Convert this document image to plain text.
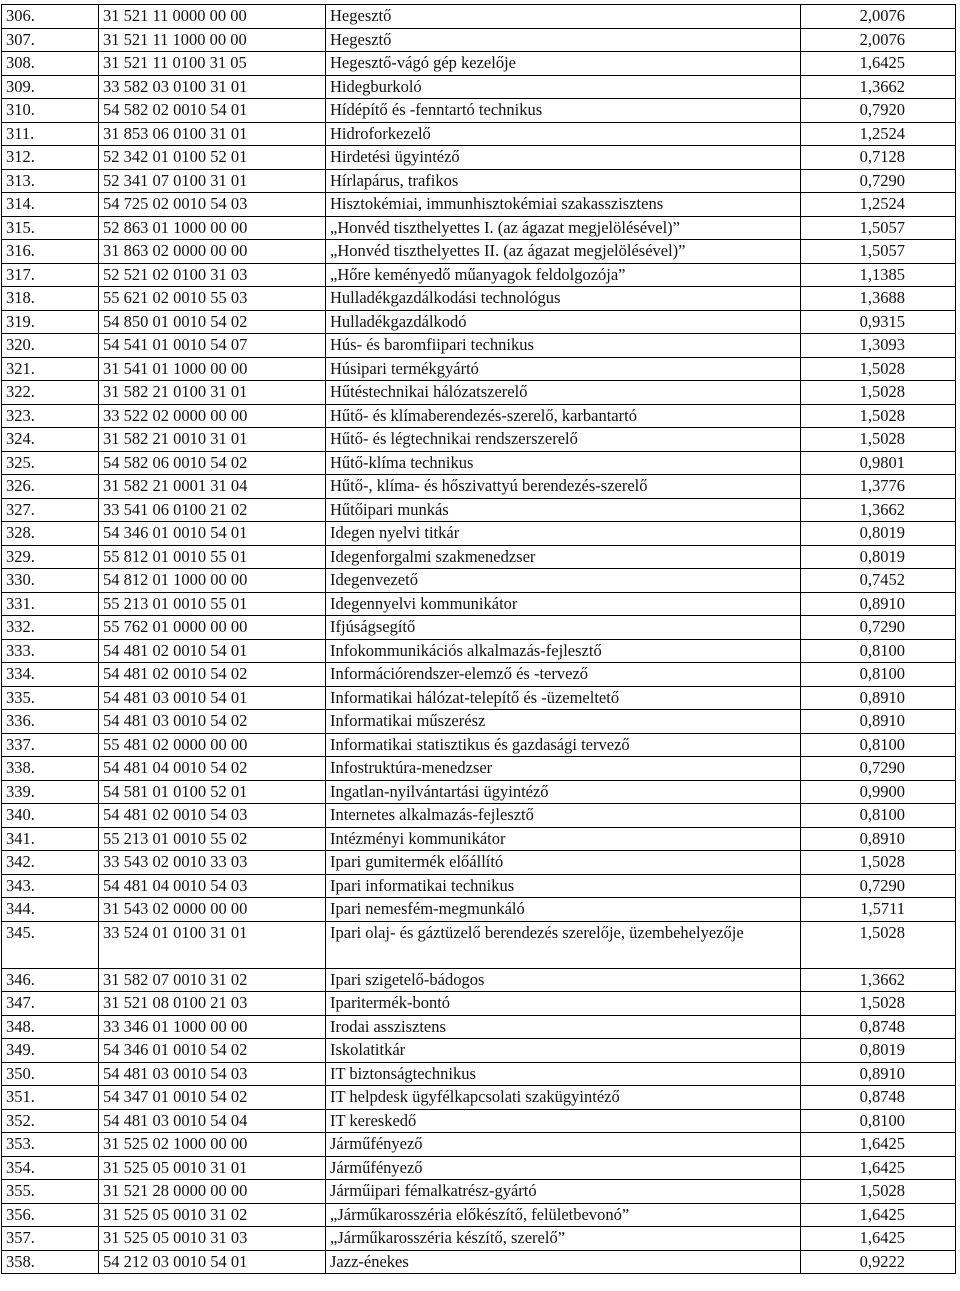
306.	31 521 11 0000 00 00	Hegesztő	2,0076
307.	31 521 11 1000 00 00	Hegesztő	2,0076
308.	31 521 11 0100 31 05	Hegesztő-vágó gép kezelője	1,6425
309.	33 582 03 0100 31 01	Hidegburkoló	1,3662
310.	54 582 02 0010 54 01	Hídépítő és -fenntartó technikus	0,7920
311.	31 853 06 0100 31 01	Hidroforkezelő	1,2524
312.	52 342 01 0100 52 01	Hirdetési ügyintéző	0,7128
313.	52 341 07 0100 31 01	Hírlapárus, trafikos	0,7290
314.	54 725 02 0010 54 03	Hisztokémiai, immunhisztokémiai szakasszisztens	1,2524
315.	52 863 01 1000 00 00	„Honvéd tiszthelyettes I. (az ágazat megjelölésével)”	1,5057
316.	31 863 02 0000 00 00	„Honvéd tiszthelyettes II. (az ágazat megjelölésével)”	1,5057
317.	52 521 02 0100 31 03	„Hőre keményedő műanyagok feldolgozója”	1,1385
318.	55 621 02 0010 55 03	Hulladékgazdálkodási technológus	1,3688
319.	54 850 01 0010 54 02	Hulladékgazdálkodó	0,9315
320.	54 541 01 0010 54 07	Hús- és baromfiipari technikus	1,3093
321.	31 541 01 1000 00 00	Húsipari termékgyártó	1,5028
322.	31 582 21 0100 31 01	Hűtéstechnikai hálózatszerelő	1,5028
323.	33 522 02 0000 00 00	Hűtő- és klímaberendezés-szerelő, karbantartó	1,5028
324.	31 582 21 0010 31 01	Hűtő- és légtechnikai rendszerszerelő	1,5028
325.	54 582 06 0010 54 02	Hűtő-klíma technikus	0,9801
326.	31 582 21 0001 31 04	Hűtő-, klíma- és hőszivattyú berendezés-szerelő	1,3776
327.	33 541 06 0100 21 02	Hűtőipari munkás	1,3662
328.	54 346 01 0010 54 01	Idegen nyelvi titkár	0,8019
329.	55 812 01 0010 55 01	Idegenforgalmi szakmenedzser	0,8019
330.	54 812 01 1000 00 00	Idegenvezető	0,7452
331.	55 213 01 0010 55 01	Idegennyelvi kommunikátor	0,8910
332.	55 762 01 0000 00 00	Ifjúságsegítő	0,7290
333.	54 481 02 0010 54 01	Infokommunikációs alkalmazás-fejlesztő	0,8100
334.	54 481 02 0010 54 02	Információrendszer-elemző és -tervező	0,8100
335.	54 481 03 0010 54 01	Informatikai hálózat-telepítő és -üzemeltető	0,8910
336.	54 481 03 0010 54 02	Informatikai műszerész	0,8910
337.	55 481 02 0000 00 00	Informatikai statisztikus és gazdasági tervező	0,8100
338.	54 481 04 0010 54 02	Infostruktúra-menedzser	0,7290
339.	54 581 01 0100 52 01	Ingatlan-nyilvántartási ügyintéző	0,9900
340.	54 481 02 0010 54 03	Internetes alkalmazás-fejlesztő	0,8100
341.	55 213 01 0010 55 02	Intézményi kommunikátor	0,8910
342.	33 543 02 0010 33 03	Ipari gumitermék előállító	1,5028
343.	54 481 04 0010 54 03	Ipari informatikai technikus	0,7290
344.	31 543 02 0000 00 00	Ipari nemesfém-megmunkáló	1,5711
345.	33 524 01 0100 31 01	Ipari olaj- és gáztüzelő berendezés szerelője, üzembehelyezője	1,5028
346.	31 582 07 0010 31 02	Ipari szigetelő-bádogos	1,3662
347.	31 521 08 0100 21 03	Iparitermék-bontó	1,5028
348.	33 346 01 1000 00 00	Irodai asszisztens	0,8748
349.	54 346 01 0010 54 02	Iskolatitkár	0,8019
350.	54 481 03 0010 54 03	IT biztonságtechnikus	0,8910
351.	54 347 01 0010 54 02	IT helpdesk ügyfélkapcsolati szakügyintéző	0,8748
352.	54 481 03 0010 54 04	IT kereskedő	0,8100
353.	31 525 02 1000 00 00	Járműfényező	1,6425
354.	31 525 05 0010 31 01	Járműfényező	1,6425
355.	31 521 28 0000 00 00	Járműipari fémalkatrész-gyártó	1,5028
356.	31 525 05 0010 31 02	„Járműkarosszéria előkészítő, felületbevonó”	1,6425
357.	31 525 05 0010 31 03	„Járműkarosszéria készítő, szerelő”	1,6425
358.	54 212 03 0010 54 01	Jazz-énekes	0,9222
